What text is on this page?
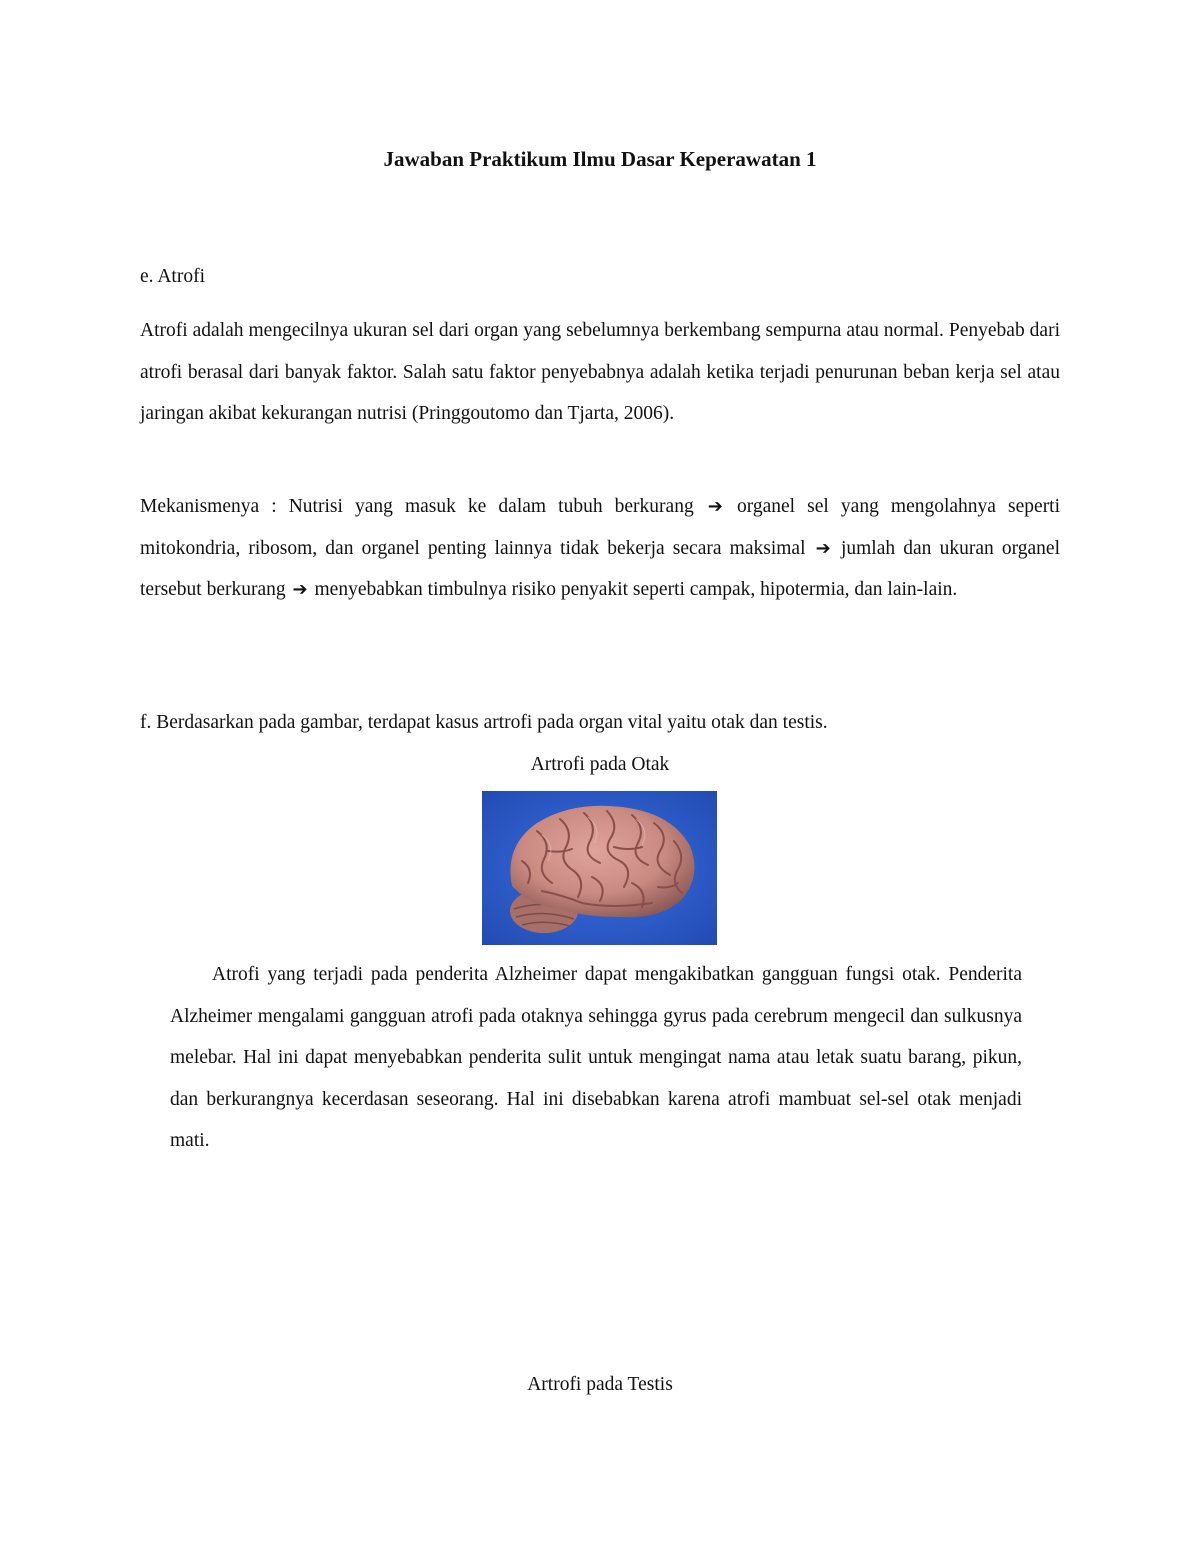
Jawaban Praktikum Ilmu Dasar Keperawatan 1

e. Atrofi

Atrofi adalah mengecilnya ukuran sel dari organ yang sebelumnya berkembang sempurna atau normal. Penyebab dari atrofi berasal dari banyak faktor. Salah satu faktor penyebabnya adalah ketika terjadi penurunan beban kerja sel atau jaringan akibat kekurangan nutrisi (Pringgoutomo dan Tjarta, 2006).

Mekanismenya : Nutrisi yang masuk ke dalam tubuh berkurang ➔ organel sel yang mengolahnya seperti mitokondria, ribosom, dan organel penting lainnya tidak bekerja secara maksimal ➔ jumlah dan ukuran organel tersebut berkurang ➔ menyebabkan timbulnya risiko penyakit seperti campak, hipotermia, dan lain-lain.

f. Berdasarkan pada gambar, terdapat kasus artrofi pada organ vital yaitu otak dan testis.

Artrofi pada Otak

Atrofi yang terjadi pada penderita Alzheimer dapat mengakibatkan gangguan fungsi otak. Penderita Alzheimer mengalami gangguan atrofi pada otaknya sehingga gyrus pada cerebrum mengecil dan sulkusnya melebar. Hal ini dapat menyebabkan penderita sulit untuk mengingat nama atau letak suatu barang, pikun, dan berkurangnya kecerdasan seseorang. Hal ini disebabkan karena atrofi mambuat sel-sel otak menjadi mati.

Artrofi pada Testis
